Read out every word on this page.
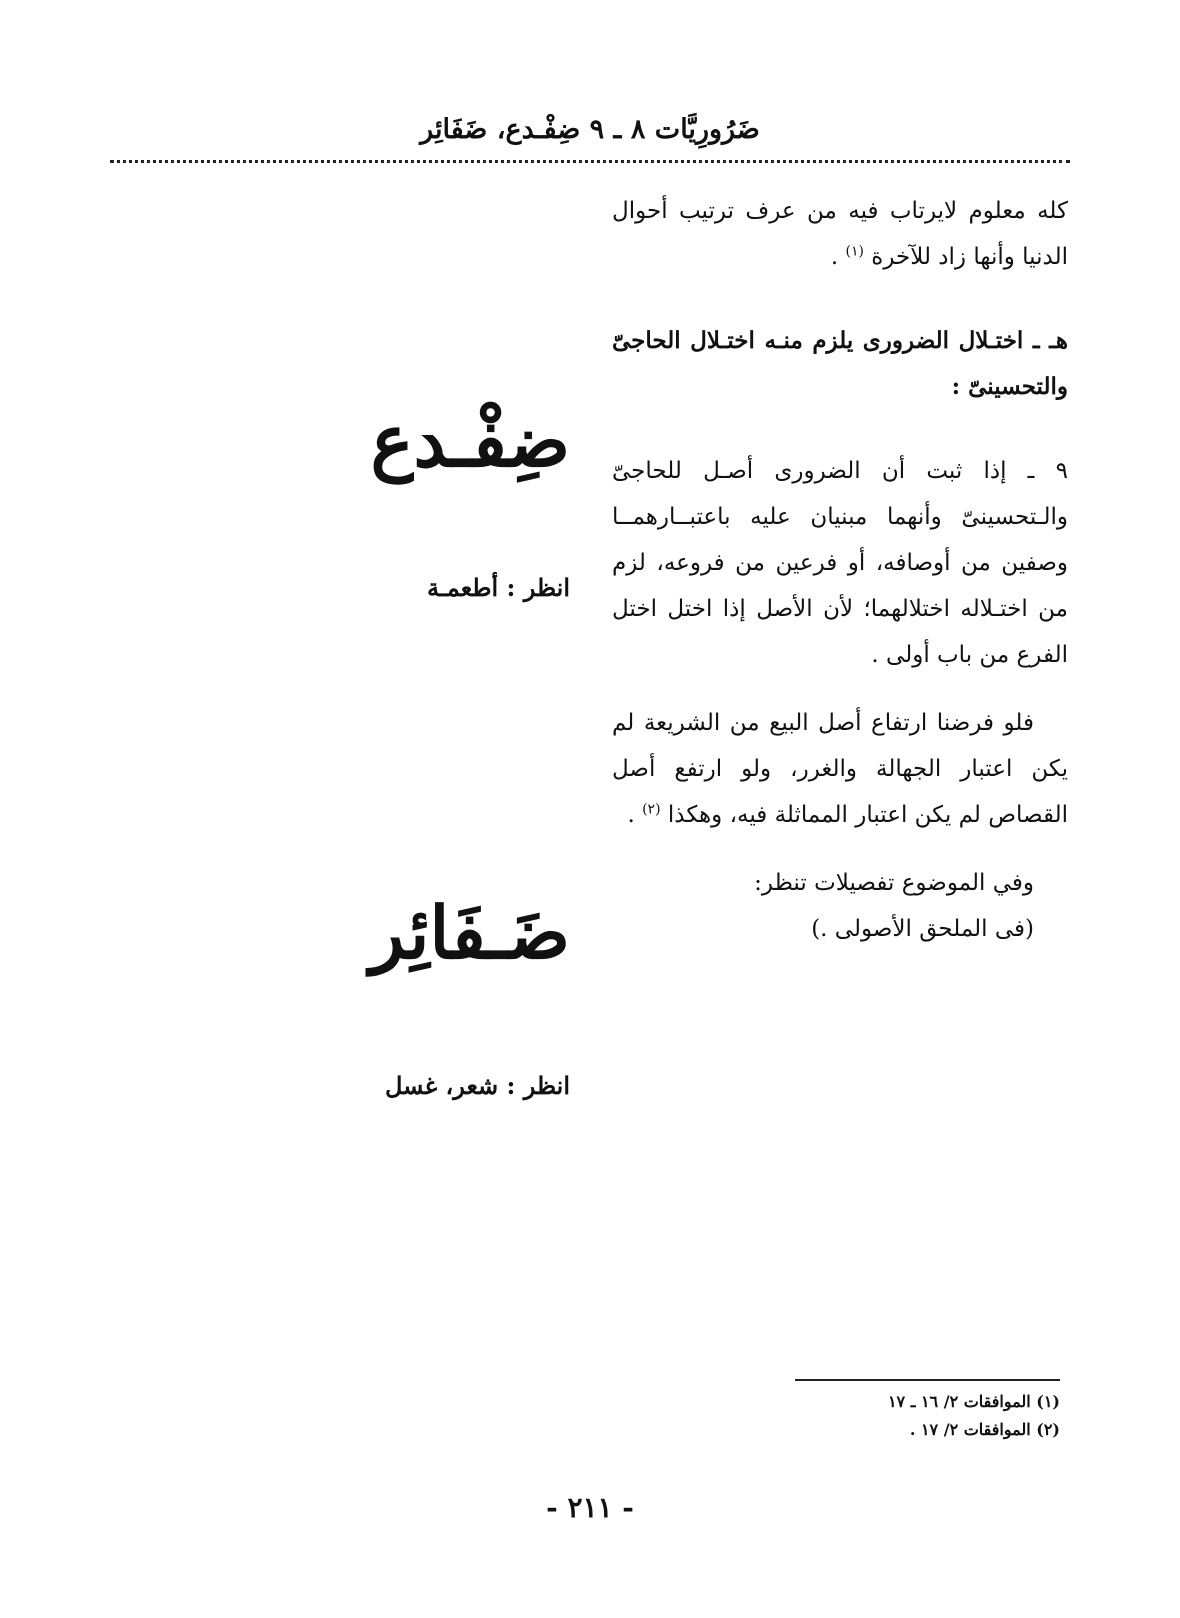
ضَرُورِيَّات ٨ ـ ٩ ضِفْـدع، ضَفَائِر

كله معلوم لايرتاب فيه من عرف ترتيب أحوال الدنيا وأنها زاد للآخرة $^{(١)}$ .

هـ ـ اختـلال الضرورى يلزم منـه اختـلال الحاجىّ والتحسينىّ :

٩ ـ إذا ثبت أن الضرورى أصـل للحاجىّ والـتحسينىّ وأنهما مبنيان عليه باعتبــارهمــا وصفين من أوصافه، أو فرعين من فروعه، لزم من اختـلاله اختلالهما؛ لأن الأصل إذا اختل اختل الفرع من باب أولى .

فلو فرضنا ارتفاع أصل البيع من الشريعة لم يكن اعتبار الجهالة والغرر، ولو ارتفع أصل القصاص لم يكن اعتبار المماثلة فيه، وهكذا $^{(٢)}$ .

وفي الموضوع تفصيلات تنظر:

(فى الملحق الأصولى .)

ضِفْـدع
انظر : أطعمـة
ضَـفَائِر
انظر : شعر، غسل

(١) الموافقات ٢/ ١٦ ـ ١٧

(٢) الموافقات ٢/ ١٧ .

- ٢١١ -
